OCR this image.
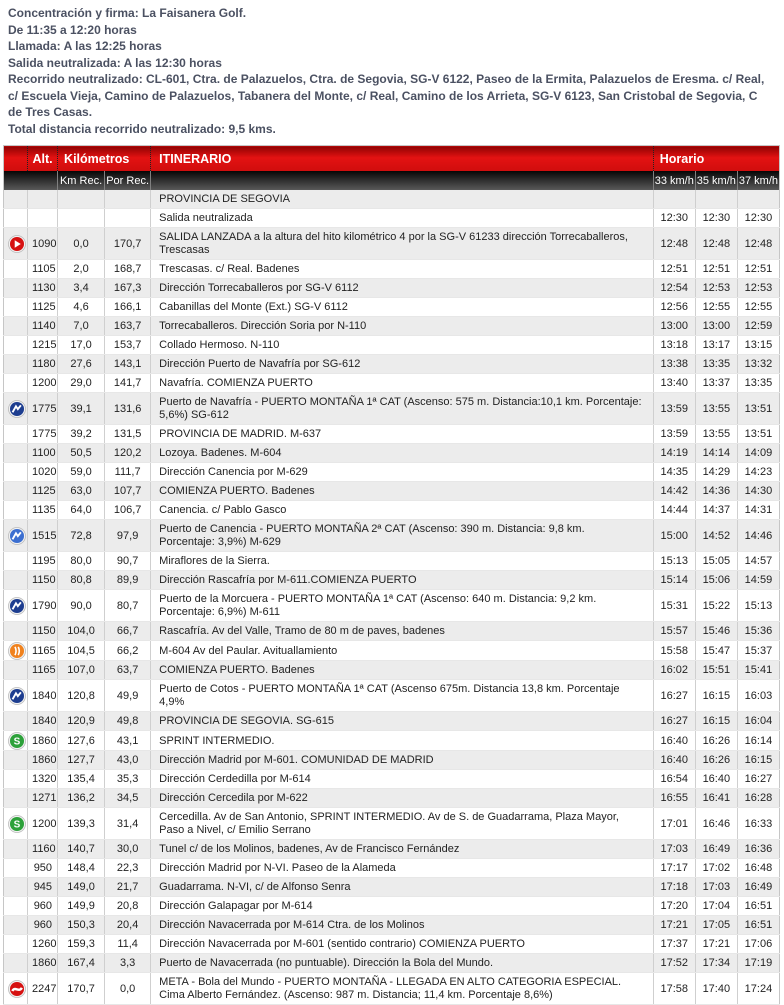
Concentración y firma: La Faisanera Golf.
De 11:35 a 12:20 horas
Llamada: A las 12:25 horas
Salida neutralizada: A las 12:30 horas
Recorrido neutralizado: CL-601, Ctra. de Palazuelos, Ctra. de Segovia, SG-V 6122, Paseo de la Ermita, Palazuelos de Eresma. c/ Real, c/ Escuela Vieja, Camino de Palazuelos, Tabanera del Monte, c/ Real, Camino de los Arrieta, SG-V 6123, San Cristobal de Segovia, C de Tres Casas.
Total distancia recorrido neutralizado: 9,5 kms.
	Alt.	Kilómetros		ITINERARIO	Horario		
		Km Rec.	Por Rec.		33 km/h	35 km/h	37 km/h
				PROVINCIA DE SEGOVIA			
				Salida neutralizada	12:30	12:30	12:30
	1090	0,0	170,7	SALIDA LANZADA a la altura del hito kilométrico 4 por la SG-V 61233 dirección Torrecaballeros, Trescasas	12:48	12:48	12:48
	1105	2,0	168,7	Trescasas. c/ Real. Badenes	12:51	12:51	12:51
	1130	3,4	167,3	Dirección Torrecaballeros por SG-V 6112	12:54	12:53	12:53
	1125	4,6	166,1	Cabanillas del Monte (Ext.) SG-V 6112	12:56	12:55	12:55
	1140	7,0	163,7	Torrecaballeros. Dirección Soria por N-110	13:00	13:00	12:59
	1215	17,0	153,7	Collado Hermoso. N-110	13:18	13:17	13:15
	1180	27,6	143,1	Dirección Puerto de Navafría por SG-612	13:38	13:35	13:32
	1200	29,0	141,7	Navafría. COMIENZA PUERTO	13:40	13:37	13:35
	1775	39,1	131,6	Puerto de Navafría - PUERTO MONTAÑA 1ª CAT (Ascenso: 575 m. Distancia:10,1 km. Porcentaje: 5,6%) SG-612	13:59	13:55	13:51
	1775	39,2	131,5	PROVINCIA DE MADRID. M-637	13:59	13:55	13:51
	1100	50,5	120,2	Lozoya. Badenes. M-604	14:19	14:14	14:09
	1020	59,0	111,7	Dirección Canencia por M-629	14:35	14:29	14:23
	1125	63,0	107,7	COMIENZA PUERTO. Badenes	14:42	14:36	14:30
	1135	64,0	106,7	Canencia. c/ Pablo Gasco	14:44	14:37	14:31
	1515	72,8	97,9	Puerto de Canencia - PUERTO MONTAÑA 2ª CAT (Ascenso: 390 m. Distancia: 9,8 km. Porcentaje: 3,9%) M-629	15:00	14:52	14:46
	1195	80,0	90,7	Miraflores de la Sierra.	15:13	15:05	14:57
	1150	80,8	89,9	Dirección Rascafría por M-611.COMIENZA PUERTO	15:14	15:06	14:59
	1790	90,0	80,7	Puerto de la Morcuera - PUERTO MONTAÑA 1ª CAT (Ascenso: 640 m. Distancia: 9,2 km. Porcentaje: 6,9%) M-611	15:31	15:22	15:13
	1150	104,0	66,7	Rascafría. Av del Valle, Tramo de 80 m de paves, badenes	15:57	15:46	15:36
	1165	104,5	66,2	M-604 Av del Paular. Avituallamiento	15:58	15:47	15:37
	1165	107,0	63,7	COMIENZA PUERTO. Badenes	16:02	15:51	15:41
	1840	120,8	49,9	Puerto de Cotos - PUERTO MONTAÑA 1ª CAT (Ascenso 675m. Distancia 13,8 km. Porcentaje 4,9%	16:27	16:15	16:03
	1840	120,9	49,8	PROVINCIA DE SEGOVIA. SG-615	16:27	16:15	16:04

S	1860	127,6	43,1	SPRINT INTERMEDIO.	16:40	16:26	16:14
	1860	127,7	43,0	Dirección Madrid por M-601. COMUNIDAD DE MADRID	16:40	16:26	16:15
	1320	135,4	35,3	Dirección Cerdedilla por M-614	16:54	16:40	16:27
	1271	136,2	34,5	Dirección Cercedila por M-622	16:55	16:41	16:28

S	1200	139,3	31,4	Cercedilla. Av de San Antonio, SPRINT INTERMEDIO. Av de S. de Guadarrama, Plaza Mayor, Paso a Nivel, c/ Emilio Serrano	17:01	16:46	16:33
	1160	140,7	30,0	Tunel c/ de los Molinos, badenes, Av de Francisco Fernández	17:03	16:49	16:36
	950	148,4	22,3	Dirección Madrid por N-VI. Paseo de la Alameda	17:17	17:02	16:48
	945	149,0	21,7	Guadarrama. N-VI, c/ de Alfonso Senra	17:18	17:03	16:49
	960	149,9	20,8	Dirección Galapagar por M-614	17:20	17:04	16:51
	960	150,3	20,4	Dirección Navacerrada por M-614 Ctra. de los Molinos	17:21	17:05	16:51
	1260	159,3	11,4	Dirección Navacerrada por M-601 (sentido contrario) COMIENZA PUERTO	17:37	17:21	17:06
	1860	167,4	3,3	Puerto de Navacerrada (no puntuable). Dirección la Bola del Mundo.	17:52	17:34	17:19
	2247	170,7	0,0	META - Bola del Mundo - PUERTO MONTAÑA - LLEGADA EN ALTO CATEGORIA ESPECIAL. Cima Alberto Fernández. (Ascenso: 987 m. Distancia; 11,4 km. Porcentaje 8,6%)	17:58	17:40	17:24
